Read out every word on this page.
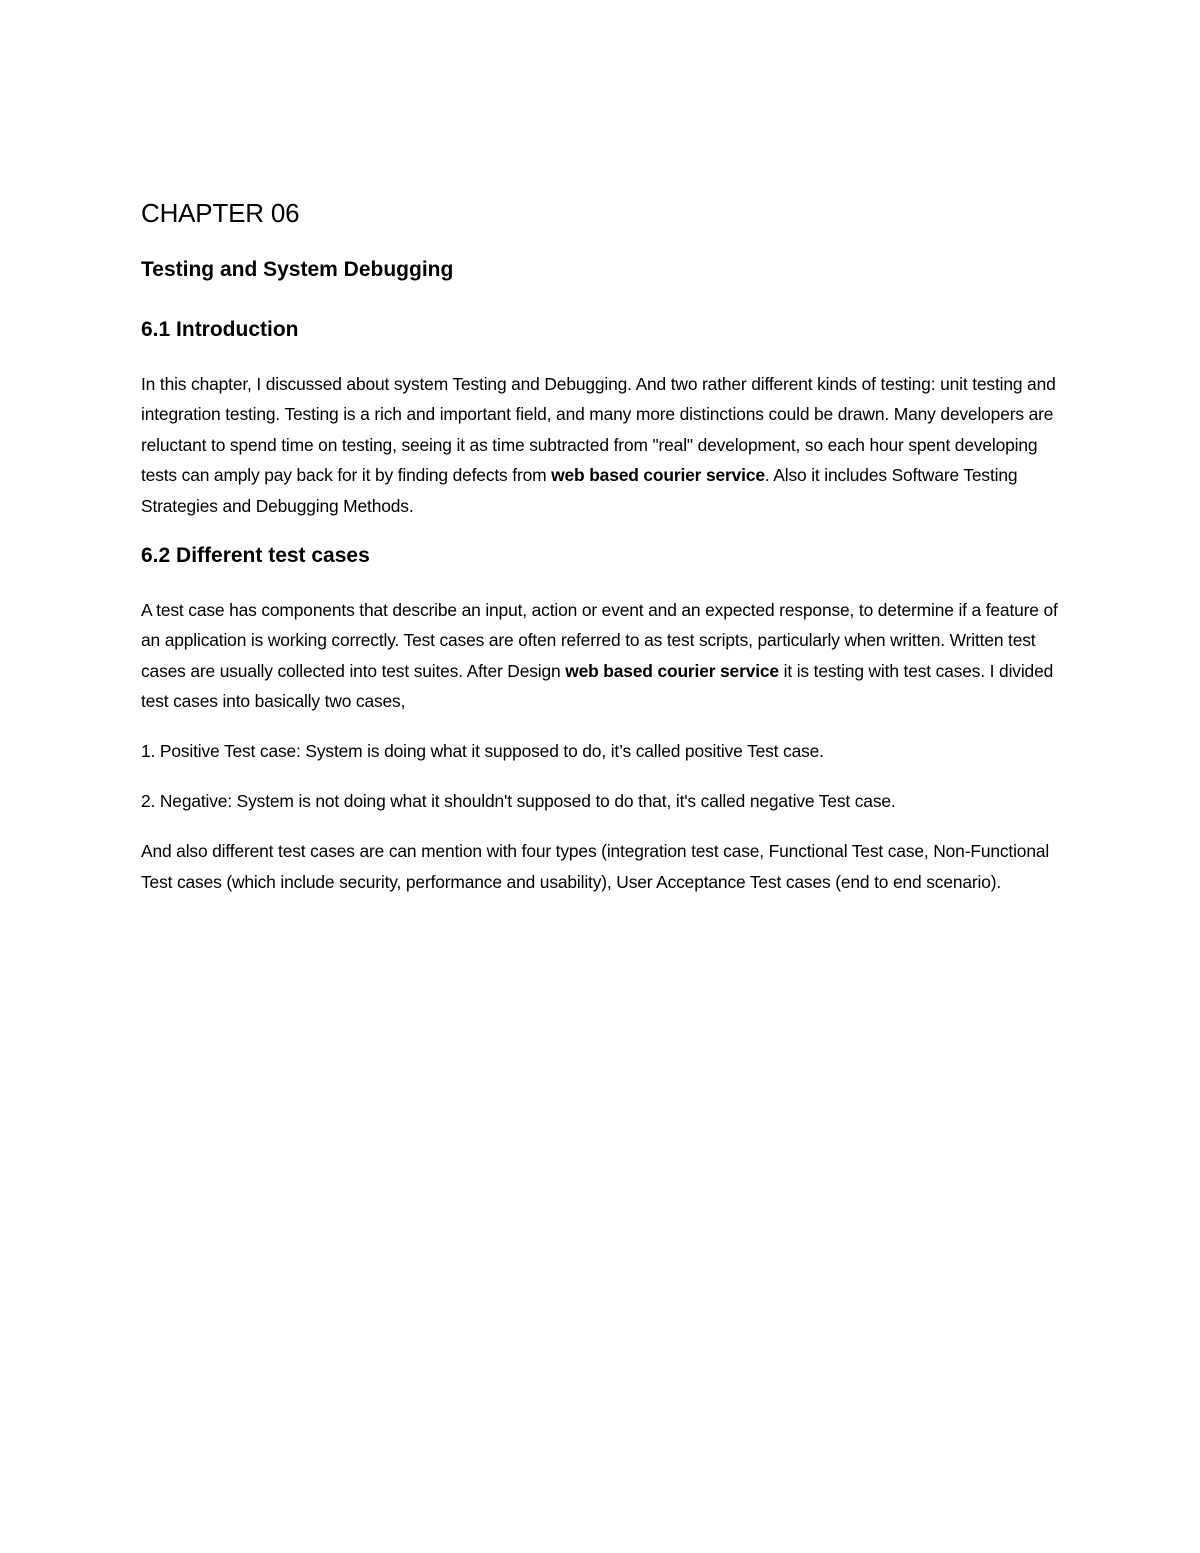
CHAPTER 06
Testing and System Debugging
6.1 Introduction

In this chapter, I discussed about system Testing and Debugging. And two rather different kinds of testing: unit testing and integration testing. Testing is a rich and important field, and many more distinctions could be drawn. Many developers are reluctant to spend time on testing, seeing it as time subtracted from "real" development, so each hour spent developing tests can amply pay back for it by finding defects from web based courier service. Also it includes Software Testing Strategies and Debugging Methods.

6.2 Different test cases

A test case has components that describe an input, action or event and an expected response, to determine if a feature of an application is working correctly. Test cases are often referred to as test scripts, particularly when written. Written test cases are usually collected into test suites. After Design web based courier service it is testing with test cases. I divided test cases into basically two cases,

1. Positive Test case: System is doing what it supposed to do, it’s called positive Test case.

2. Negative: System is not doing what it shouldn't supposed to do that, it's called negative Test case.

And also different test cases are can mention with four types (integration test case, Functional Test case, Non-Functional Test cases (which include security, performance and usability), User Acceptance Test cases (end to end scenario).
